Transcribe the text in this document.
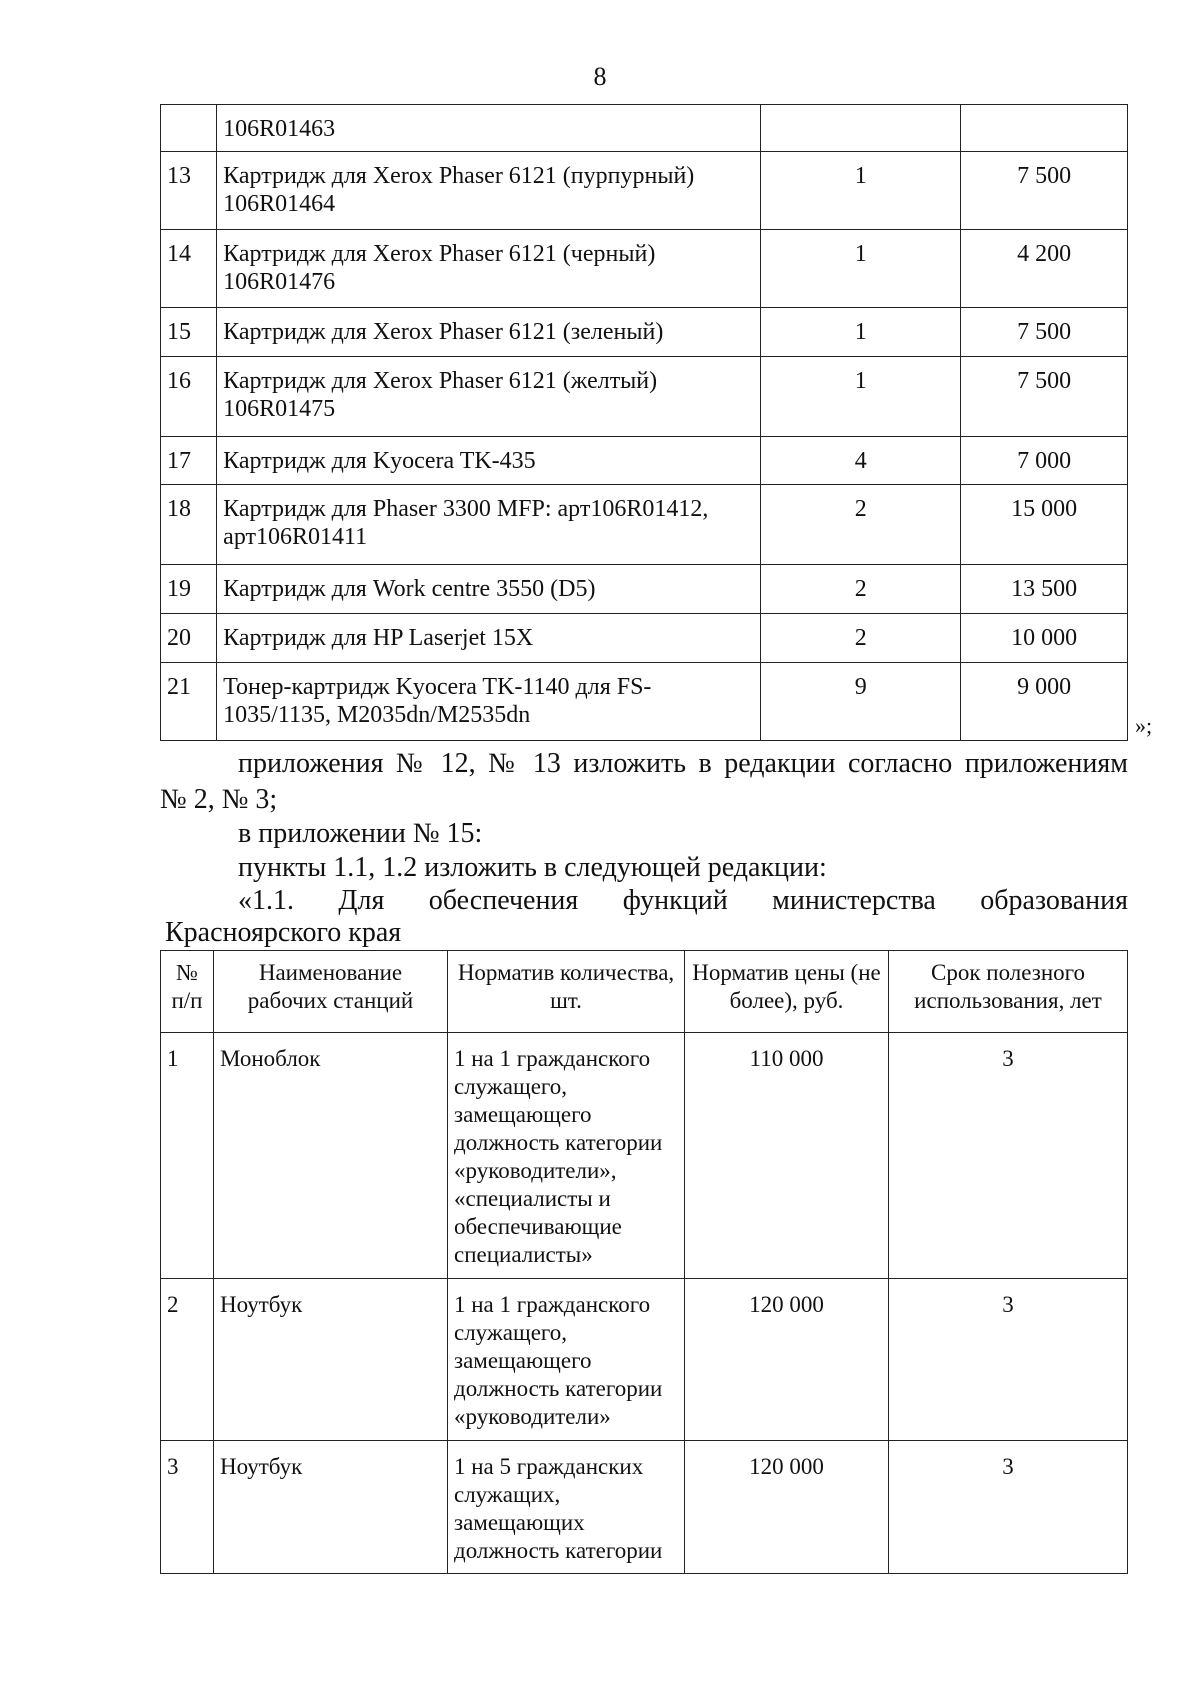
8
	106R01463		
13	Картридж для Xerox Phaser 6121 (пурпурный) 106R01464	1	7 500
14	Картридж для Xerox Phaser 6121 (черный) 106R01476	1	4 200
15	Картридж для Xerox Phaser 6121 (зеленый)	1	7 500
16	Картридж для Xerox Phaser 6121 (желтый) 106R01475	1	7 500
17	Картридж для Kyocera TK-435	4	7 000
18	Картридж для Phaser 3300 MFP: арт106R01412, арт106R01411	2	15 000
19	Картридж для Work centre 3550 (D5)	2	13 500
20	Картридж для HP Laserjet 15X	2	10 000
21	Тонер-картридж Kyocera TK-1140 для FS-1035/1135, M2035dn/M2535dn	9	9 000
»;
приложения № 12, № 13 изложить в редакции согласно приложениям
№ 2, № 3;
в приложении № 15:
пункты 1.1, 1.2 изложить в следующей редакции:
«1.1. Для обеспечения функций министерства образования
Красноярского края
№ п/п	Наименование рабочих станций	Норматив количества, шт.	Норматив цены (не более), руб.	Срок полезного использования, лет
1	Моноблок	1 на 1 гражданского служащего, замещающего должность категории «руководители», «специалисты и обеспечивающие специалисты»	110 000	3
2	Ноутбук	1 на 1 гражданского служащего, замещающего должность категории «руководители»	120 000	3
3	Ноутбук	1 на 5 гражданских служащих, замещающих должность категории	120 000	3
